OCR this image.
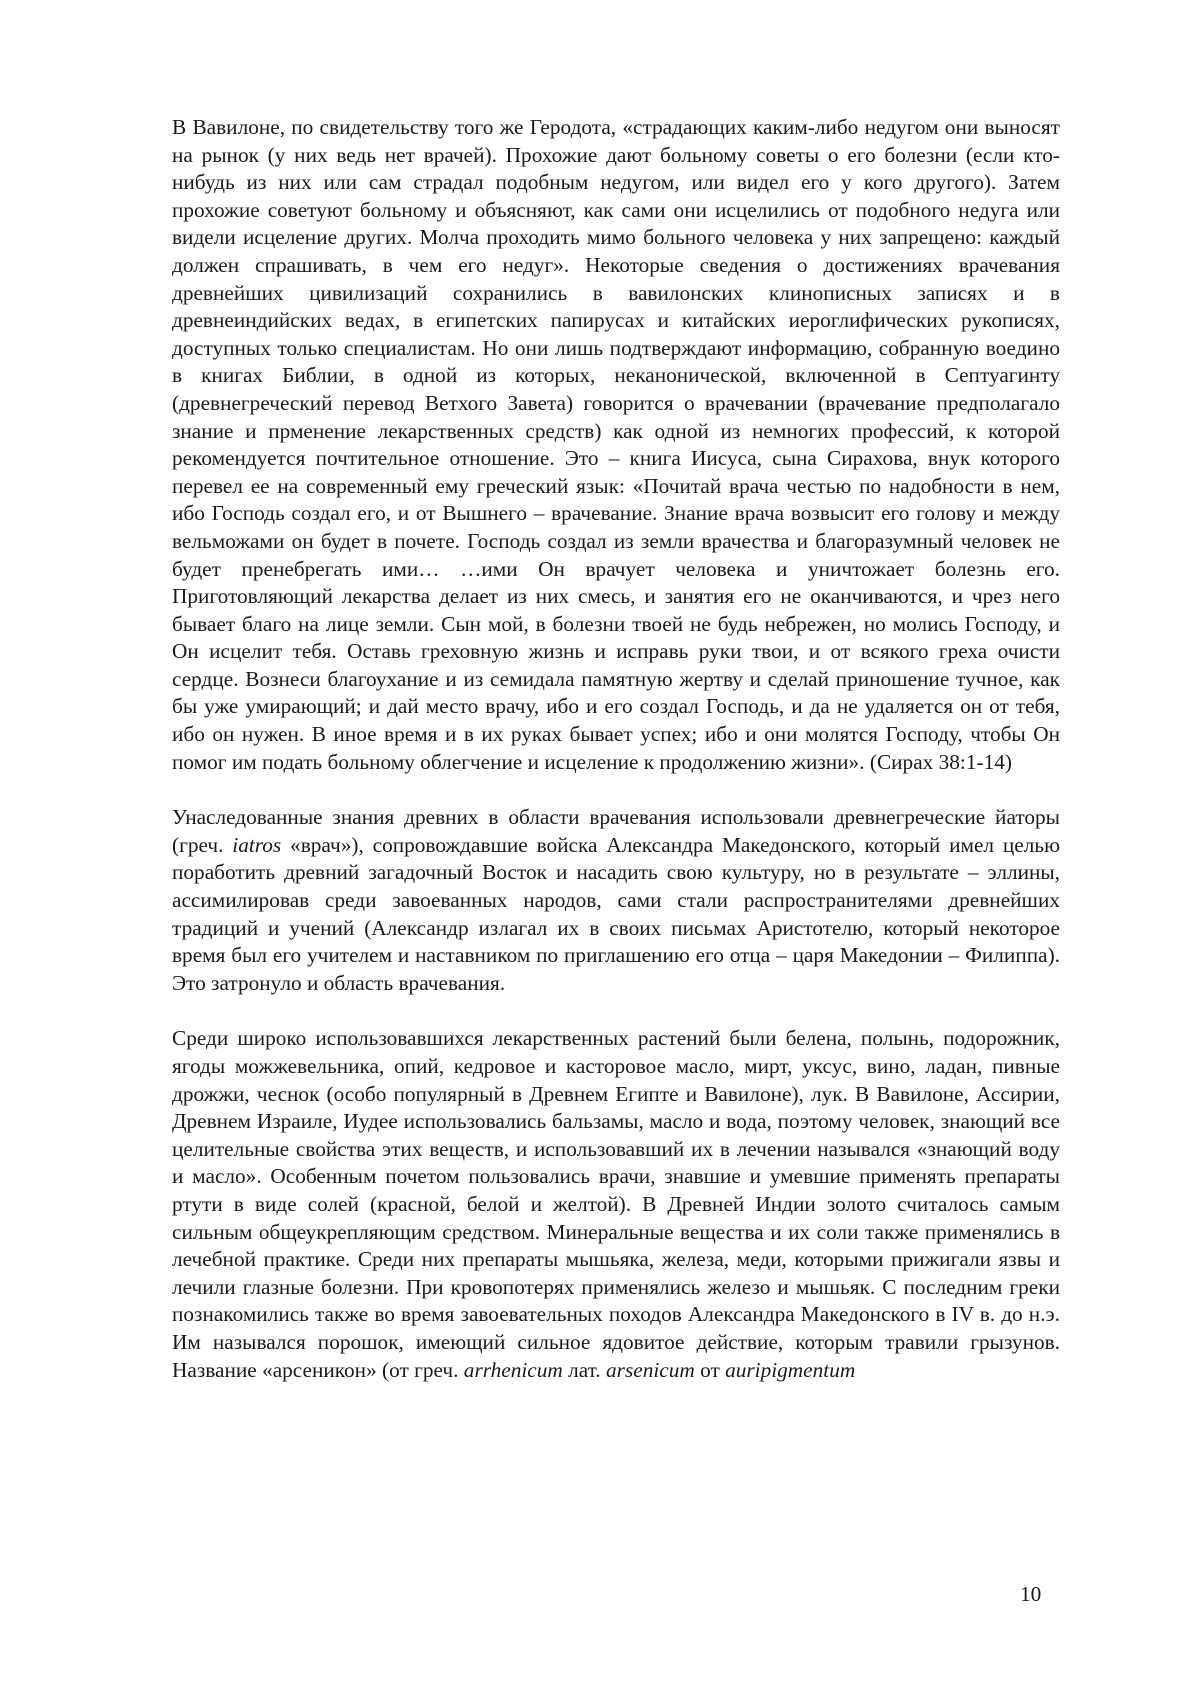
В Вавилоне, по свидетельству того же Геродота, «страдающих каким-либо недугом они выносят на рынок (у них ведь нет врачей). Прохожие дают больному советы о его болезни (если кто-нибудь из них или сам страдал подобным недугом, или видел его у кого другого). Затем прохожие советуют больному и объясняют, как сами они исцелились от подобного недуга или видели исцеление других. Молча проходить мимо больного человека у них запрещено: каждый должен спрашивать, в чем его недуг». Некоторые сведения о достижениях врачевания древнейших цивилизаций сохранились в вавилонских клинописных записях и в древнеиндийских ведах, в египетских папирусах и китайских иероглифических рукописях, доступных только специалистам. Но они лишь подтверждают информацию, собранную воедино в книгах Библии, в одной из которых, неканонической, включенной в Септуагинту (древнегреческий перевод Ветхого Завета) говорится о врачевании (врачевание предполагало знание и прменение лекарственных средств) как одной из немногих профессий, к которой рекомендуется почтительное отношение. Это – книга Иисуса, сына Сирахова, внук которого перевел ее на современный ему греческий язык: «Почитай врача честью по надобности в нем, ибо Господь создал его, и от Вышнего – врачевание. Знание врача возвысит его голову и между вельможами он будет в почете. Господь создал из земли врачества и благоразумный человек не будет пренебрегать ими… …ими Он врачует человека и уничтожает болезнь его. Приготовляющий лекарства делает из них смесь, и занятия его не оканчиваются, и чрез него бывает благо на лице земли. Сын мой, в болезни твоей не будь небрежен, но молись Господу, и Он исцелит тебя. Оставь греховную жизнь и исправь руки твои, и от всякого греха очисти сердце. Вознеси благоухание и из семидала памятную жертву и сделай приношение тучное, как бы уже умирающий; и дай место врачу, ибо и его создал Господь, и да не удаляется он от тебя, ибо он нужен. В иное время и в их руках бывает успех; ибо и они молятся Господу, чтобы Он помог им подать больному облегчение и исцеление к продолжению жизни». (Сирах 38:1-14)

Унаследованные знания древних в области врачевания использовали древнегреческие йаторы (греч. iatros «врач»), сопровождавшие войска Александра Македонского, который имел целью поработить древний загадочный Восток и насадить свою культуру, но в результате – эллины, ассимилировав среди завоеванных народов, сами стали распространителями древнейших традиций и учений (Александр излагал их в своих письмах Аристотелю, который некоторое время был его учителем и наставником по приглашению его отца – царя Македонии – Филиппа). Это затронуло и область врачевания.

Среди широко использовавшихся лекарственных растений были белена, полынь, подорожник, ягоды можжевельника, опий, кедровое и касторовое масло, мирт, уксус, вино, ладан, пивные дрожжи, чеснок (особо популярный в Древнем Египте и Вавилоне), лук. В Вавилоне, Ассирии, Древнем Израиле, Иудее использовались бальзамы, масло и вода, поэтому человек, знающий все целительные свойства этих веществ, и использовавший их в лечении назывался «знающий воду и масло». Особенным почетом пользовались врачи, знавшие и умевшие применять препараты ртути в виде солей (красной, белой и желтой). В Древней Индии золото считалось самым сильным общеукрепляющим средством. Минеральные вещества и их соли также применялись в лечебной практике. Среди них препараты мышьяка, железа, меди, которыми прижигали язвы и лечили глазные болезни. При кровопотерях применялись железо и мышьяк. С последним греки познакомились также во время завоевательных походов Александра Македонского в IV в. до н.э. Им назывался порошок, имеющий сильное ядовитое действие, которым травили грызунов. Название «арсеникон» (от греч. arrhenicum лат. arsenicum от auripigmentum

10
